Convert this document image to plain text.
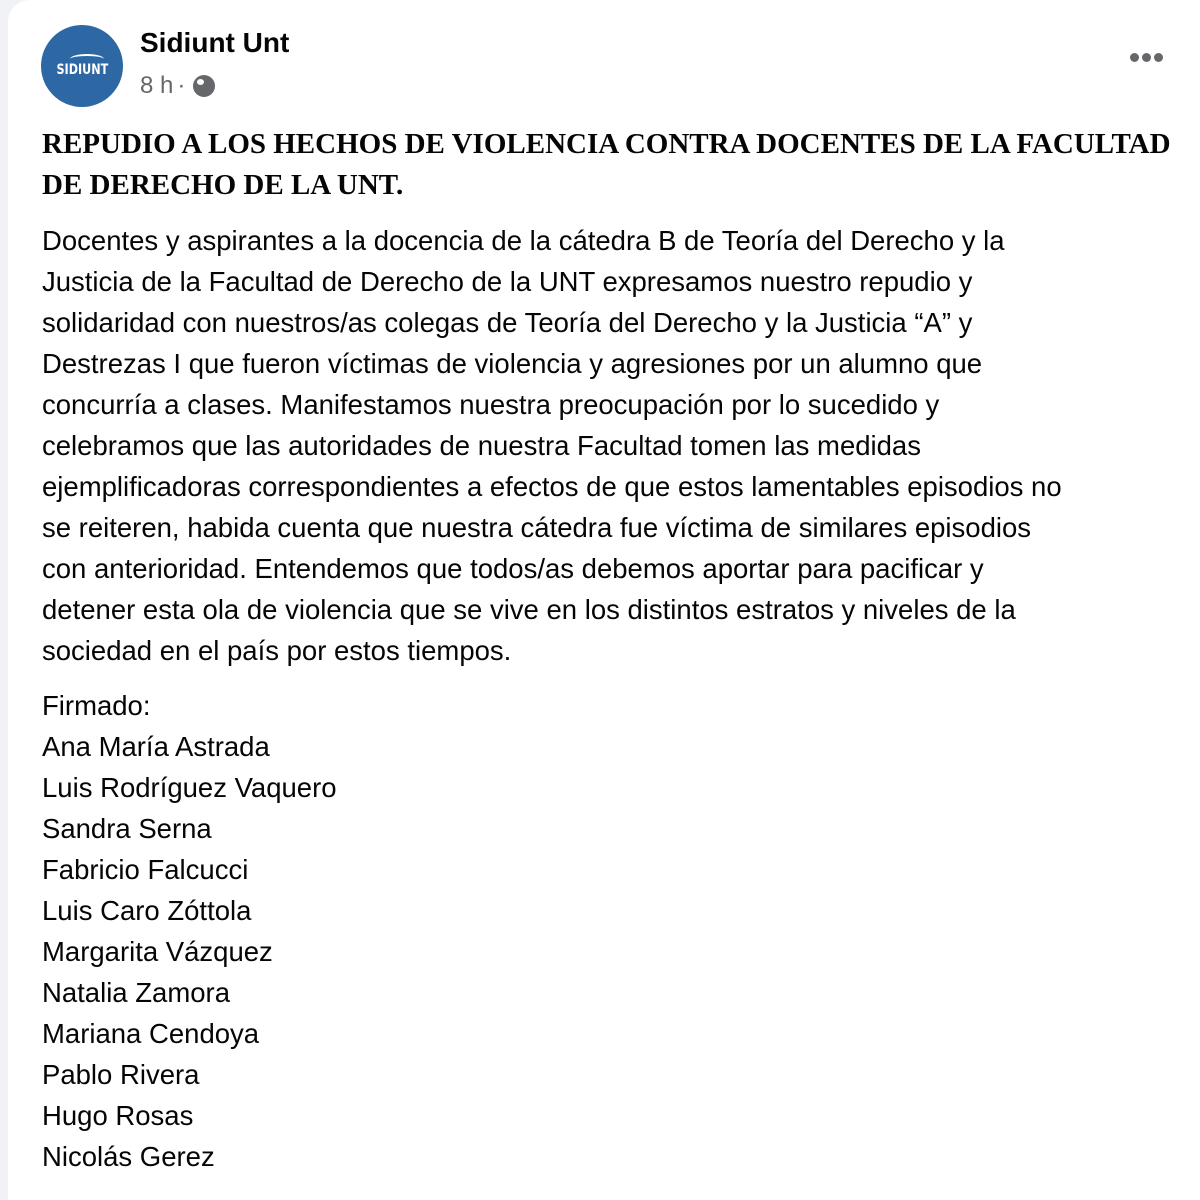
SIDIUNT
Sidiunt Unt
8 h ·
REPUDIO A LOS HECHOS DE VIOLENCIA CONTRA DOCENTES DE LA FACULTAD
DE DERECHO DE LA UNT.
Docentes y aspirantes a la docencia de la cátedra B de Teoría del Derecho y la
Justicia de la Facultad de Derecho de la UNT expresamos nuestro repudio y
solidaridad con nuestros/as colegas de Teoría del Derecho y la Justicia “A” y
Destrezas I que fueron víctimas de violencia y agresiones por un alumno que
concurría a clases. Manifestamos nuestra preocupación por lo sucedido y
celebramos que las autoridades de nuestra Facultad tomen las medidas
ejemplificadoras correspondientes a efectos de que estos lamentables episodios no
se reiteren, habida cuenta que nuestra cátedra fue víctima de similares episodios
con anterioridad. Entendemos que todos/as debemos aportar para pacificar y
detener esta ola de violencia que se vive en los distintos estratos y niveles de la
sociedad en el país por estos tiempos.
Firmado:
Ana María Astrada
Luis Rodríguez Vaquero
Sandra Serna
Fabricio Falcucci
Luis Caro Zóttola
Margarita Vázquez
Natalia Zamora
Mariana Cendoya
Pablo Rivera
Hugo Rosas
Nicolás Gerez
